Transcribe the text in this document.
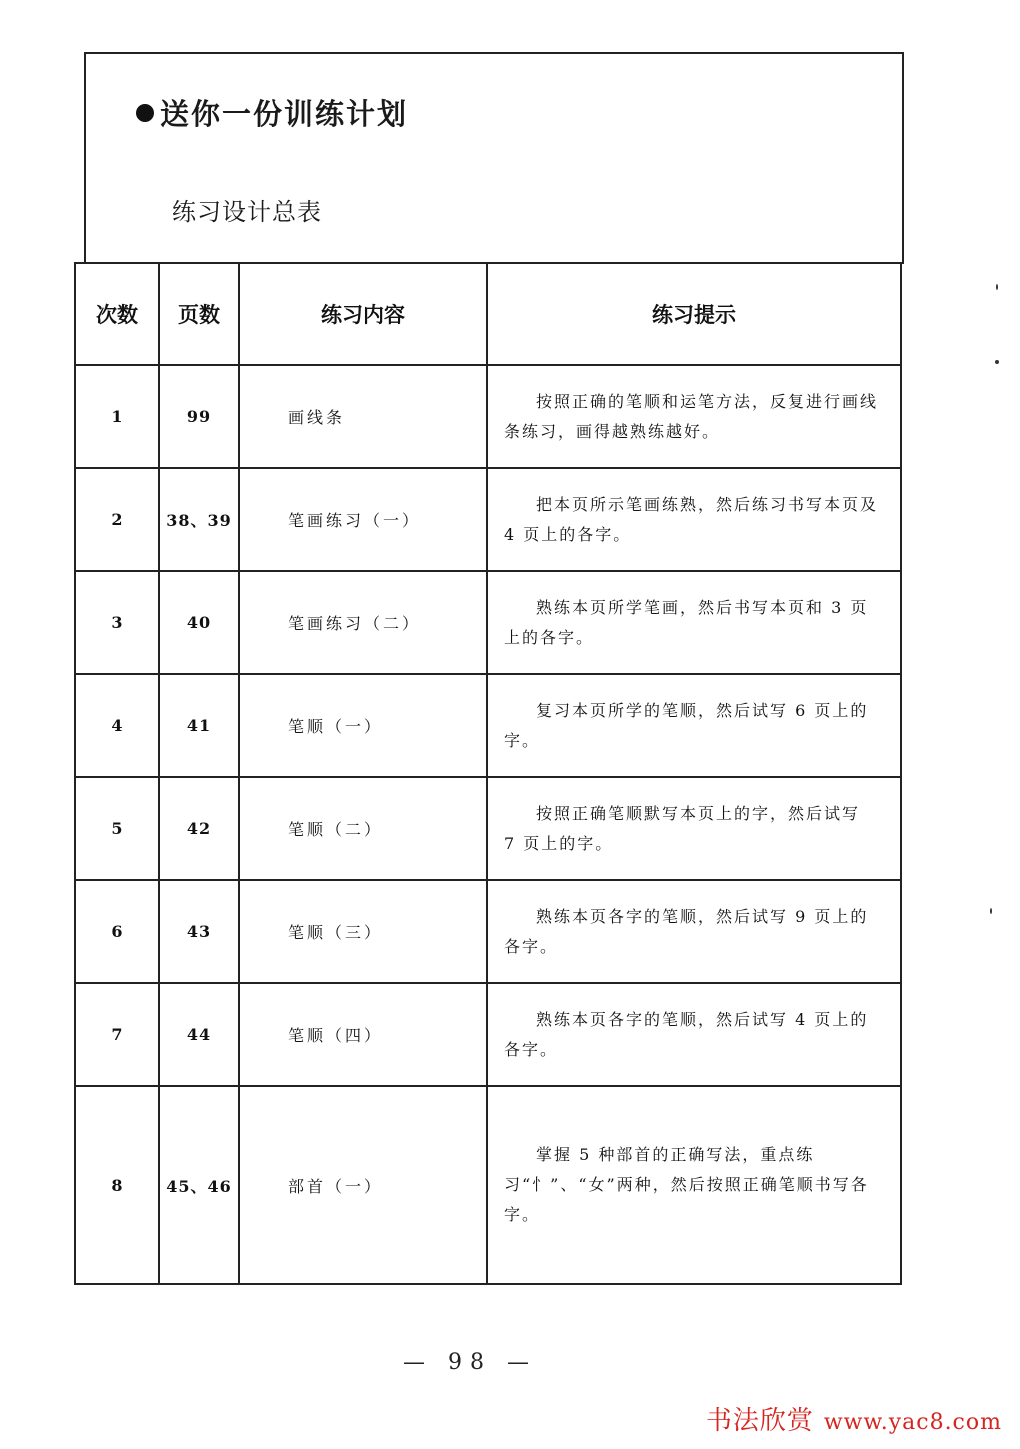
送你一份训练计划
练习设计总表
次数	页数	练习内容	练习提示
1	99	画线条	按照正确的笔顺和运笔方法，反复进行画线条练习，画得越熟练越好。

2	38、39	笔画练习（一）	把本页所示笔画练熟，然后练习书写本页及 4 页上的各字。

3	40	笔画练习（二）	熟练本页所学笔画，然后书写本页和 3 页上的各字。

4	41	笔顺（一）	复习本页所学的笔顺，然后试写 6 页上的字。

5	42	笔顺（二）	按照正确笔顺默写本页上的字，然后试写 7 页上的字。

6	43	笔顺（三）	熟练本页各字的笔顺，然后试写 9 页上的各字。

7	44	笔顺（四）	熟练本页各字的笔顺，然后试写 4 页上的各字。

8	45、46	部首（一）	掌握 5 种部首的正确写法，重点练习“忄”、“女”两种，然后按照正确笔顺书写各字。
— 98 —
书法欣赏 www.yac8.com
